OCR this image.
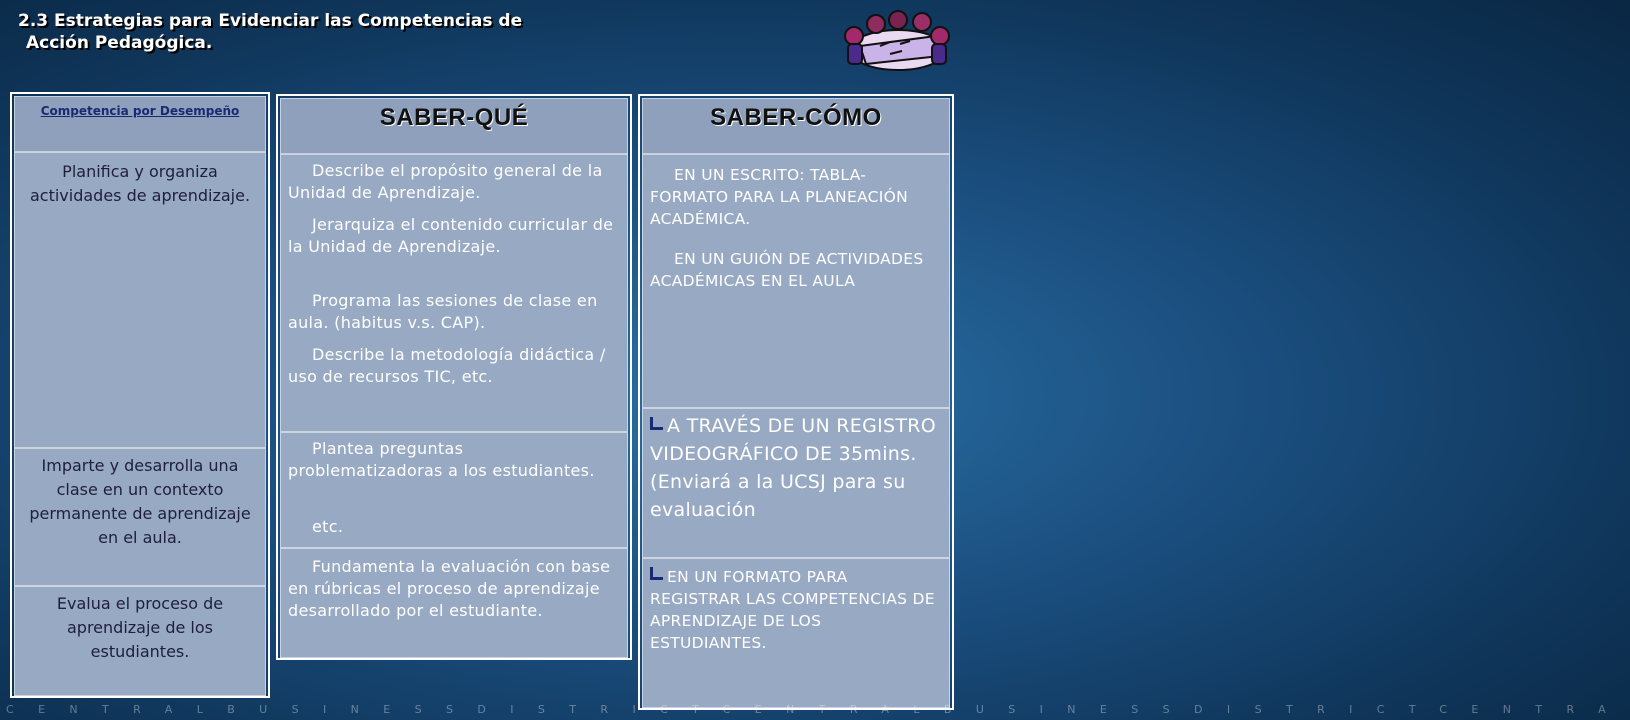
2.3 Estrategias para Evidenciar las Competencias de
Acción Pedagógica.
Competencia por Desempeño
Planifica y organiza actividades de aprendizaje.
Imparte y desarrolla una clase en un contexto permanente de aprendizaje en el aula.
Evalua el proceso de aprendizaje de los estudiantes.
SABER-QUÉ
Describe el propósito general de la Unidad de Aprendizaje.
Jerarquiza el contenido curricular de la Unidad de Aprendizaje.
Programa las sesiones de clase en aula. (habitus v.s. CAP).
Describe la metodología didáctica / uso de recursos TIC, etc.
Plantea preguntas problematizadoras a los estudiantes.
etc.
Fundamenta la evaluación con base en rúbricas el proceso de aprendizaje desarrollado por el estudiante.
SABER-CÓMO
EN UN ESCRITO: TABLA-FORMATO PARA LA PLANEACIÓN ACADÉMICA.
EN UN GUIÓN DE ACTIVIDADES ACADÉMICAS EN EL AULA
A TRAVÉS DE UN REGISTRO VIDEOGRÁFICO DE 35mins.(Enviará a la UCSJ para su evaluación
EN UN FORMATO PARA REGISTRAR LAS COMPETENCIAS DE APRENDIZAJE DE LOS ESTUDIANTES.
CENTRALBUSINESSDISTRICTCENTRALBUSINESSDISTRICTCENTRA
